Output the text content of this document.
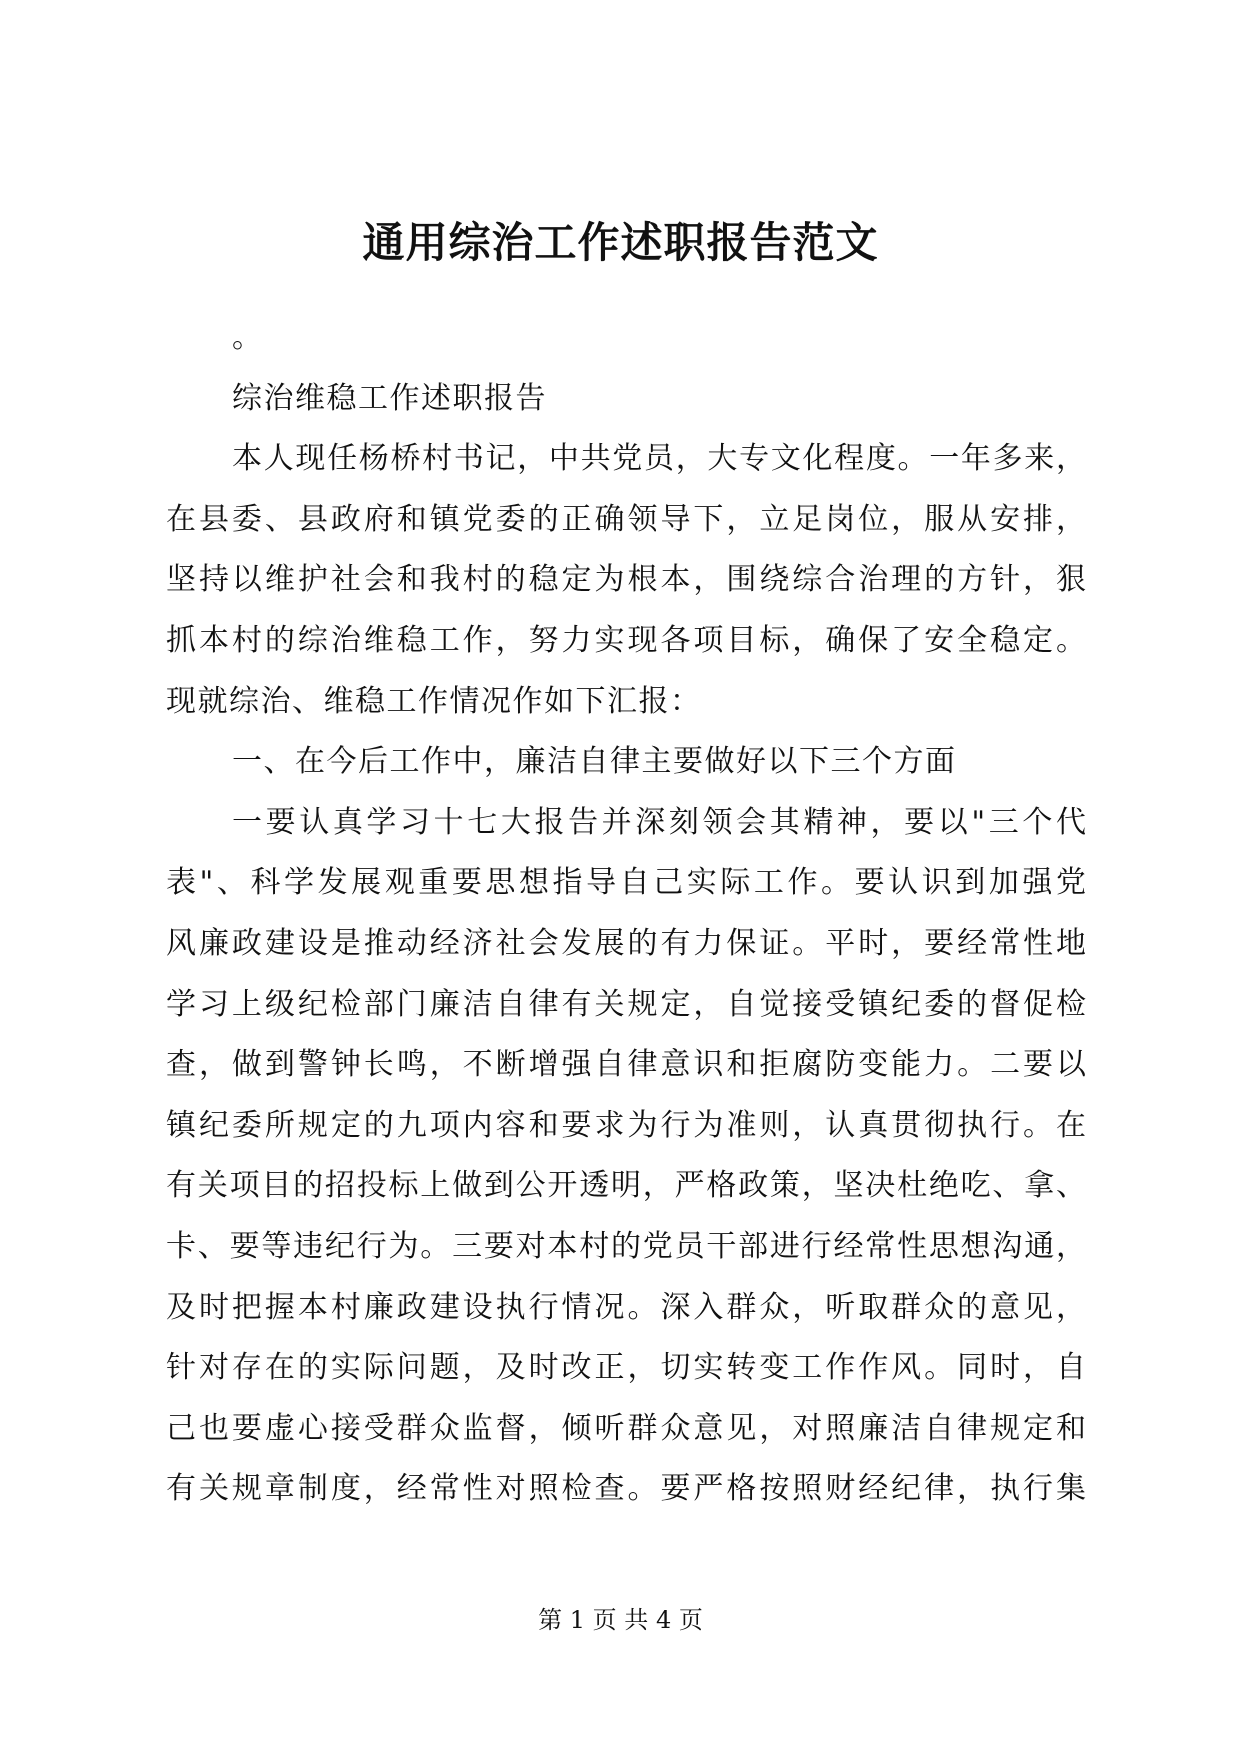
通用综治工作述职报告范文
。
综治维稳工作述职报告
本人现任杨桥村书记，中共党员，大专文化程度。一年多来，
在县委、县政府和镇党委的正确领导下，立足岗位，服从安排，
坚持以维护社会和我村的稳定为根本，围绕综合治理的方针，狠
抓本村的综治维稳工作，努力实现各项目标，确保了安全稳定。
现就综治、维稳工作情况作如下汇报：
一、在今后工作中，廉洁自律主要做好以下三个方面
一要认真学习十七大报告并深刻领会其精神，要以"三个代
表"、科学发展观重要思想指导自己实际工作。要认识到加强党
风廉政建设是推动经济社会发展的有力保证。平时，要经常性地
学习上级纪检部门廉洁自律有关规定，自觉接受镇纪委的督促检
查，做到警钟长鸣，不断增强自律意识和拒腐防变能力。二要以
镇纪委所规定的九项内容和要求为行为准则，认真贯彻执行。在
有关项目的招投标上做到公开透明，严格政策，坚决杜绝吃、拿、
卡、要等违纪行为。三要对本村的党员干部进行经常性思想沟通，
及时把握本村廉政建设执行情况。深入群众，听取群众的意见，
针对存在的实际问题，及时改正，切实转变工作作风。同时，自
己也要虚心接受群众监督，倾听群众意见，对照廉洁自律规定和
有关规章制度，经常性对照检查。要严格按照财经纪律，执行集
第 1 页 共 4 页
